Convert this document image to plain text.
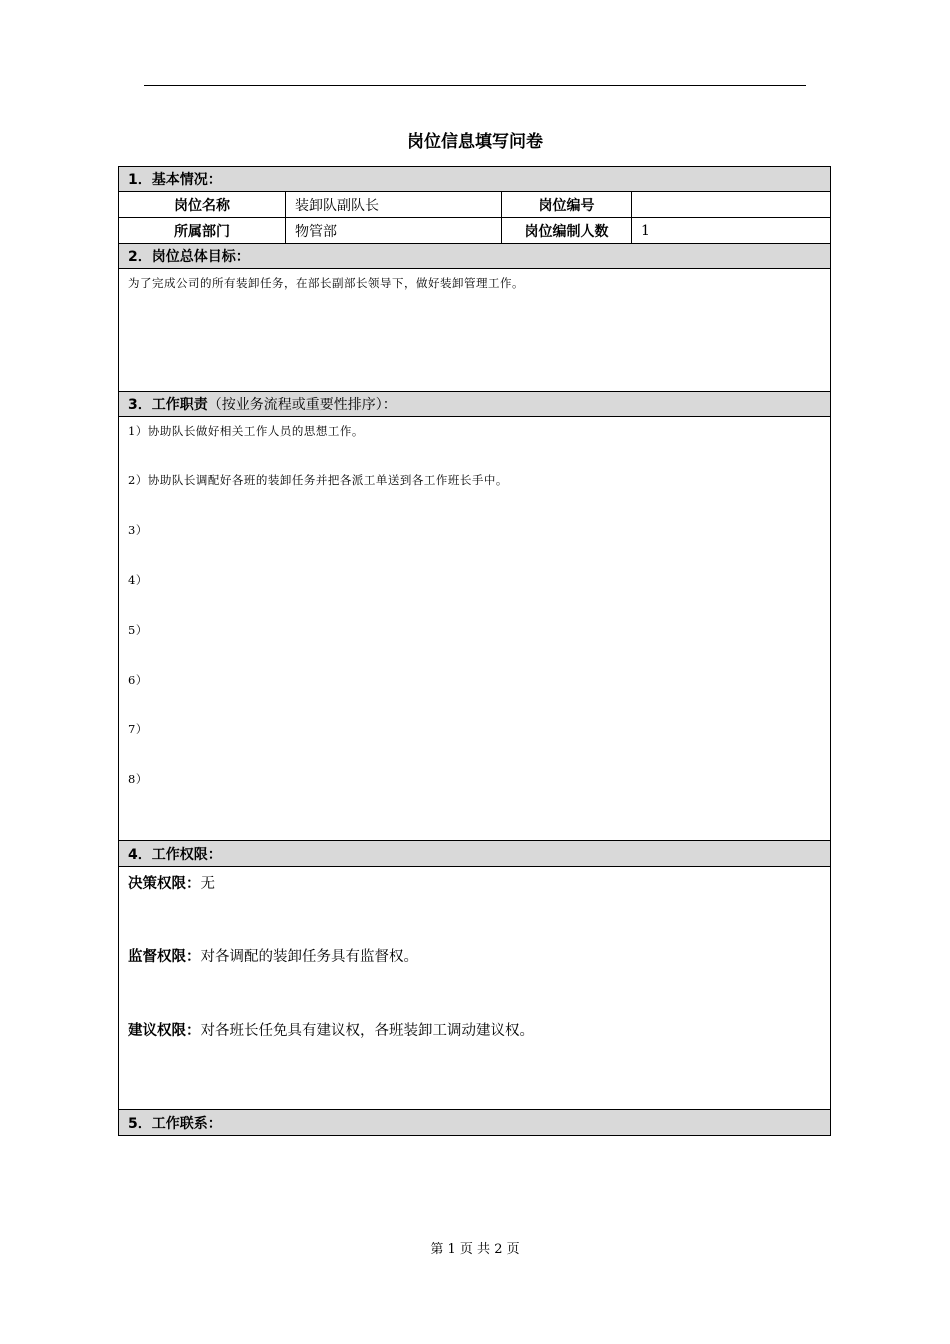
岗位信息填写问卷
1．基本情况：
岗位名称	装卸队副队长	岗位编号
所属部门	物管部	岗位编制人数	1
2．岗位总体目标：
为了完成公司的所有装卸任务，在部长副部长领导下，做好装卸管理工作。
3．工作职责 （按业务流程或重要性排序）：
1）协助队长做好相关工作人员的思想工作。
2）协助队长调配好各班的装卸任务并把各派工单送到各工作班长手中。
3）
4）
5）
6）
7）
8）
4．工作权限：
决策权限：无
监督权限：对各调配的装卸任务具有监督权。
建议权限：对各班长任免具有建议权，各班装卸工调动建议权。
5．工作联系：
第 1 页 共 2 页
